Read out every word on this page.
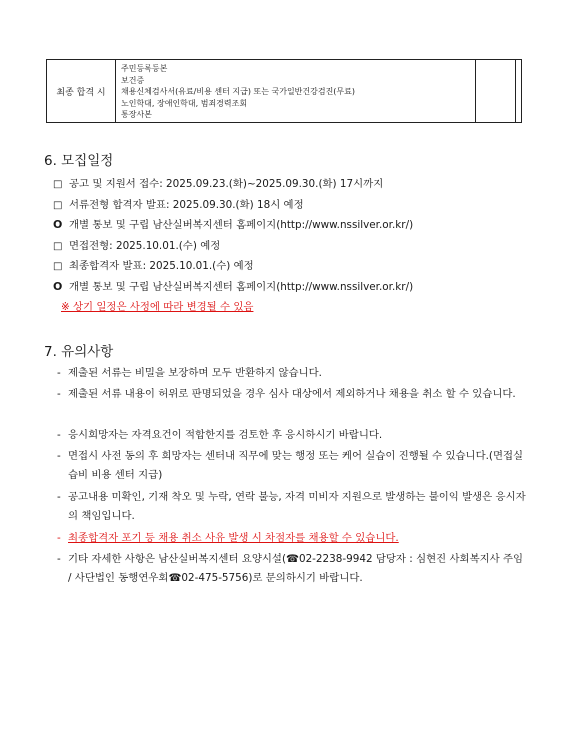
최종 합격 시
주민등록등본
보건증
채용신체검사서(유료/비용 센터 지급) 또는 국가일반건강검진(무료)
노인학대, 장애인학대, 범죄경력조회
통장사본
6. 모집일정
□ 공고 및 지원서 접수: 2025.09.23.(화)~2025.09.30.(화) 17시까지
□ 서류전형 합격자 발표: 2025.09.30.(화) 18시 예정
O 개별 통보 및 구립 남산실버복지센터 홈페이지(http://www.nssilver.or.kr/)
□ 면접전형: 2025.10.01.(수) 예정
□ 최종합격자 발표: 2025.10.01.(수) 예정
O 개별 통보 및 구립 남산실버복지센터 홈페이지(http://www.nssilver.or.kr/)
※ 상기 일정은 사정에 따라 변경될 수 있음
7. 유의사항
- 제출된 서류는 비밀을 보장하며 모두 반환하지 않습니다.
- 제출된 서류 내용이 허위로 판명되었을 경우 심사 대상에서 제외하거나 채용을 취소 할 수 있습니다.
- 응시희망자는 자격요건이 적합한지를 검토한 후 응시하시기 바랍니다.
- 면접시 사전 동의 후 희망자는 센터내 직무에 맞는 행정 또는 케어 실습이 진행될 수 있습니다.(면접실습비 비용 센터 지급)
- 공고내용 미확인, 기재 착오 및 누락, 연락 불능, 자격 미비자 지원으로 발생하는 불이익 발생은 응시자의 책임입니다.
- 최종합격자 포기 등 채용 취소 사유 발생 시 차점자를 채용할 수 있습니다.
- 기타 자세한 사항은 남산실버복지센터 요양시설(☎02-2238-9942 담당자 : 심현진 사회복지사 주임 / 사단법인 동행연우회☎02-475-5756)로 문의하시기 바랍니다.
